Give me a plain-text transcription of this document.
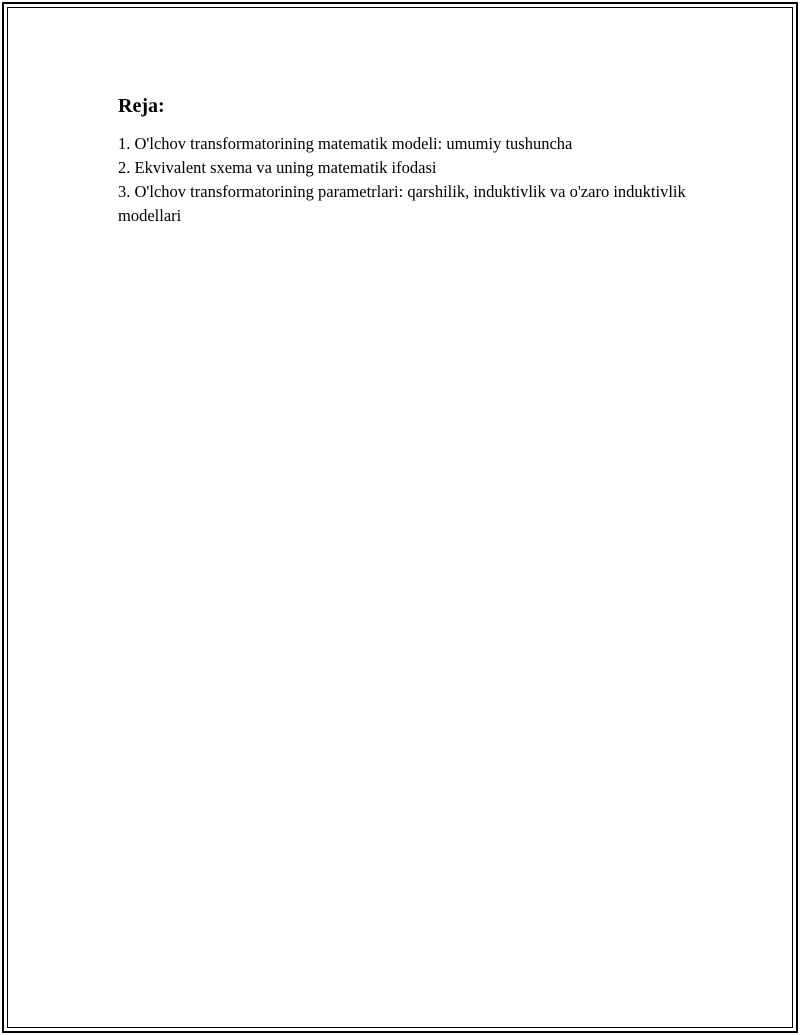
Reja:
1. O'lchov transformatorining matematik modeli: umumiy tushuncha
2. Ekvivalent sxema va uning matematik ifodasi
3. O'lchov transformatorining parametrlari: qarshilik, induktivlik va o'zaro induktivlik modellari
